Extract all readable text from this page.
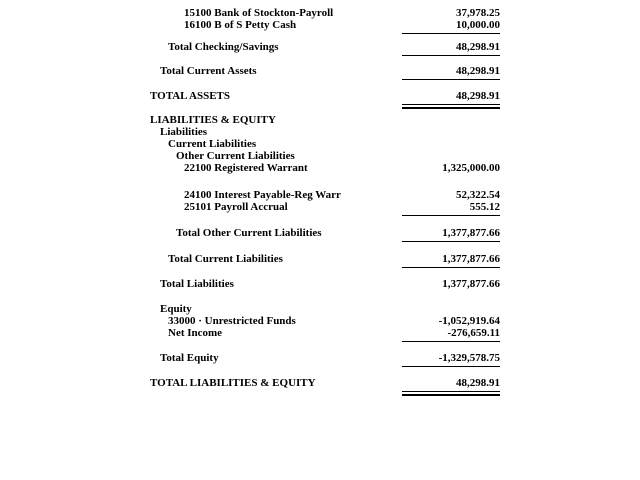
15100 Bank of Stockton-Payroll	37,978.25
16100 B of S Petty Cash	10,000.00
Total Checking/Savings	48,298.91
Total Current Assets	48,298.91
TOTAL ASSETS	48,298.91
LIABILITIES & EQUITY
Liabilities
Current Liabilities
Other Current Liabilities
22100 Registered Warrant	1,325,000.00
24100 Interest Payable-Reg Warr	52,322.54
25101 Payroll Accrual	555.12
Total Other Current Liabilities	1,377,877.66
Total Current Liabilities	1,377,877.66
Total Liabilities	1,377,877.66
Equity
33000 · Unrestricted Funds	-1,052,919.64
Net Income	-276,659.11
Total Equity	-1,329,578.75
TOTAL LIABILITIES & EQUITY	48,298.91
